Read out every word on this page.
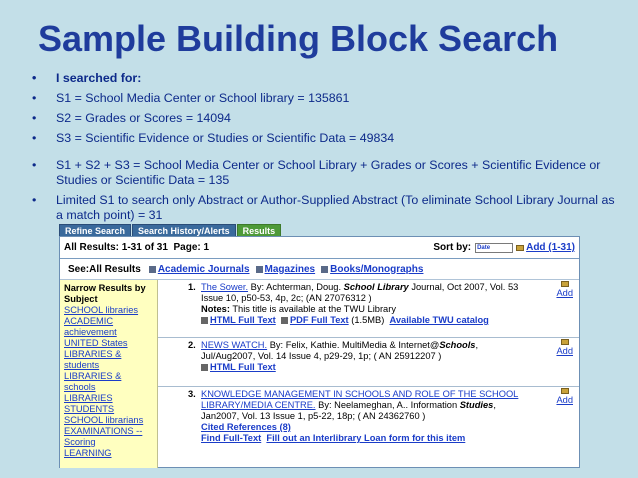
Sample Building Block Search
• I searched for:
• S1 = School Media Center or School library = 135861
• S2 = Grades or Scores = 14094
• S3 = Scientific Evidence or Studies or Scientific Data = 49834
• S1 + S2 + S3 = School Media Center or School Library + Grades or Scores + Scientific Evidence or Studies or Scientific Data = 135
• Limited S1 to search only Abstract or Author-Supplied Abstract (To eliminate School Library Journal as a match point) = 31
Refine Search	Search History/Alerts	Results
All Results: 1-31 of 31 Page: 1	Sort by:	Date	Add (1-31)
See:All Results Academic Journals Magazines Books/Monographs
Narrow Results by Subject
SCHOOL libraries
ACADEMIC achievement
UNITED States
LIBRARIES & students
LIBRARIES & schools
LIBRARIES
STUDENTS
SCHOOL librarians
EXAMINATIONS -- Scoring
LEARNING
1. The Sower. By: Achterman, Doug. School Library Journal, Oct 2007, Vol. 53 Issue 10, p50-53, 4p, 2c; (AN 27076312 )
Notes: This title is available at the TWU Library
HTML Full Text PDF Full Text (1.5MB) Available TWU catalog
Add
2. NEWS WATCH. By: Felix, Kathie. MultiMedia & Internet@Schools, Jul/Aug2007, Vol. 14 Issue 4, p29-29, 1p; ( AN 25912207 )
HTML Full Text
Add
3. KNOWLEDGE MANAGEMENT IN SCHOOLS AND ROLE OF THE SCHOOL LIBRARY/MEDIA CENTRE. By: Neelameghan, A.. Information Studies, Jan2007, Vol. 13 Issue 1, p5-22, 18p; ( AN 24362760 )
Cited References (8)
Find Full-Text Fill out an Interlibrary Loan form for this item
Add
